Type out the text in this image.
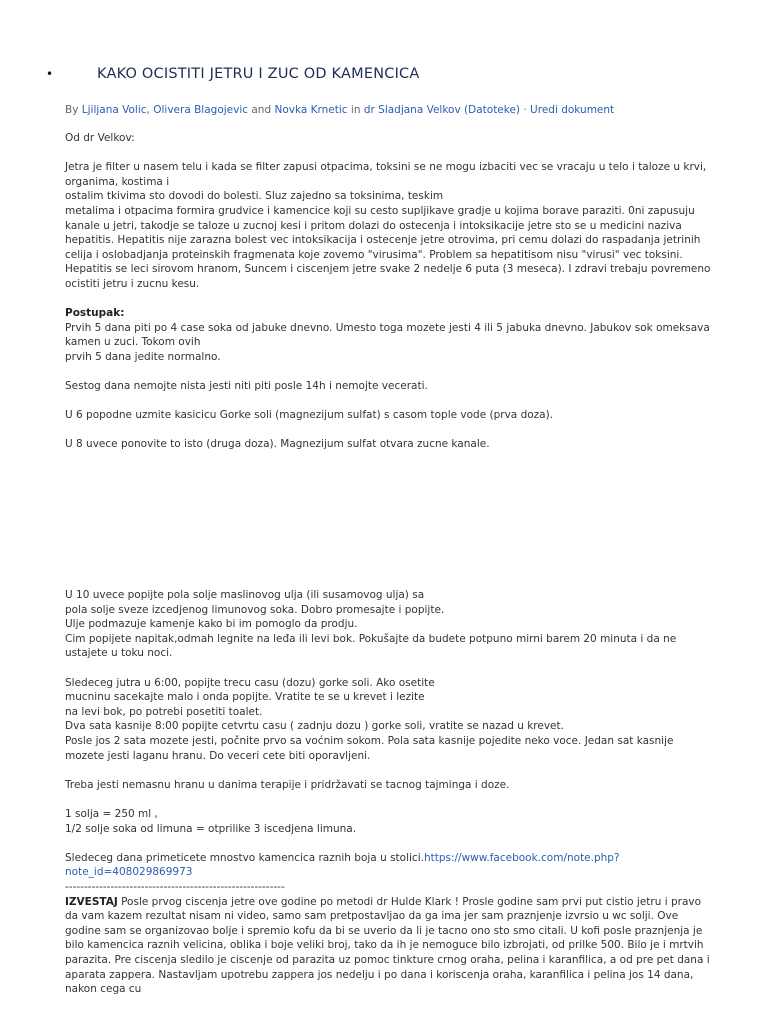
•	KAKO OCISTITI JETRU I ZUC OD KAMENCICA
By Ljiljana Volic, Olivera Blagojevic and Novka Krnetic in dr Sladjana Velkov (Datoteke) · Uredi dokument

Od dr Velkov:

Jetra je filter u nasem telu i kada se filter zapusi otpacima, toksini se ne mogu izbaciti vec se vracaju u telo i taloze u krvi, organima, kostima i
ostalim tkivima sto dovodi do bolesti. Sluz zajedno sa toksinima, teskim
metalima i otpacima formira grudvice i kamencice koji su cesto supljikave gradje u kojima borave paraziti. 0ni zapusuju kanale u jetri, takodje se taloze u zucnoj kesi i pritom dolazi do ostecenja i intoksikacije jetre sto se u medicini naziva hepatitis. Hepatitis nije zarazna bolest vec intoksikacija i ostecenje jetre otrovima, pri cemu dolazi do raspadanja jetrinih celija i oslobadjanja proteinskih fragmenata koje zovemo "virusima". Problem sa hepatitisom nisu "virusi" vec toksini. Hepatitis se leci sirovom hranom, Suncem i ciscenjem jetre svake 2 nedelje 6 puta (3 meseca). I zdravi trebaju povremeno ocistiti jetru i zucnu kesu.

Postupak:

Prvih 5 dana piti po 4 case soka od jabuke dnevno. Umesto toga mozete jesti 4 ili 5 jabuka dnevno. Jabukov sok omeksava kamen u zuci. Tokom ovih
prvih 5 dana jedite normalno.

Sestog dana nemojte nista jesti niti piti posle 14h i nemojte vecerati.

U 6 popodne uzmite kasicicu Gorke soli (magnezijum sulfat) s casom tople vode (prva doza).

U 8 uvece ponovite to isto (druga doza). Magnezijum sulfat otvara zucne kanale.

U 10 uvece popijte pola solje maslinovog ulja (ili susamovog ulja) sa
pola solje sveze izcedjenog limunovog soka. Dobro promesajte i popijte.
Ulje podmazuje kamenje kako bi im pomoglo da prodju.
Cim popijete napitak,odmah legnite na leđa ili levi bok. Pokušajte da budete potpuno mirni barem 20 minuta i da ne ustajete u toku noci.

Sledeceg jutra u 6:00, popijte trecu casu (dozu) gorke soli. Ako osetite
mucninu sacekajte malo i onda popijte. Vratite te se u krevet i lezite
na levi bok, po potrebi posetiti toalet.
Dva sata kasnije 8:00 popijte cetvrtu casu ( zadnju dozu ) gorke soli, vratite se nazad u krevet.
Posle jos 2 sata mozete jesti, počnite prvo sa voćnim sokom. Pola sata kasnije pojedite neko voce. Jedan sat kasnije mozete jesti laganu hranu. Do veceri cete biti oporavljeni.

Treba jesti nemasnu hranu u danima terapije i pridržavati se tacnog tajminga i doze.

1 solja = 250 ml ,
1/2 solje soka od limuna = otprilike 3 iscedjena limuna.

Sledeceg dana primeticete mnostvo kamencica raznih boja u stolici.https://www.facebook.com/note.php?note_id=408029869973

----------------------------------------------------------

IZVESTAJ Posle prvog ciscenja jetre ove godine po metodi dr Hulde Klark ! Prosle godine sam prvi put cistio jetru i pravo da vam kazem rezultat nisam ni video, samo sam pretpostavljao da ga ima jer sam praznjenje izvrsio u wc solji. Ove godine sam se organizovao bolje i spremio kofu da bi se uverio da li je tacno ono sto smo citali. U kofi posle praznjenja je bilo kamencica raznih velicina, oblika i boje veliki broj, tako da ih je nemoguce bilo izbrojati, od prilke 500. Bilo je i mrtvih parazita. Pre ciscenja sledilo je ciscenje od parazita uz pomoc tinkture crnog oraha, pelina i karanfilica, a od pre pet dana i aparata zappera. Nastavljam upotrebu zappera jos nedelju i po dana i koriscenja oraha, karanfilica i pelina jos 14 dana, nakon cega cu
